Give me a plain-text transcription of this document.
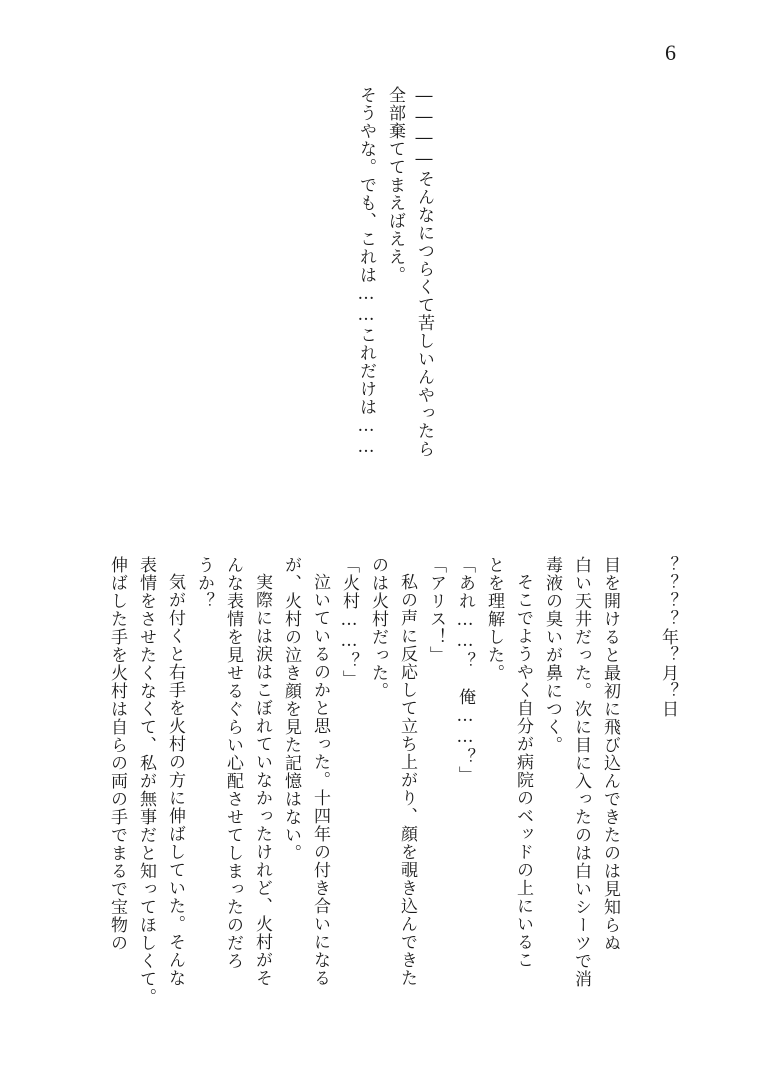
6

――――そんなにつらくて苦しいんやったら

全部棄ててまえばええ。

そうやな。でも、これは……これだけは……

？？？？年？月？日

目を開けると最初に飛び込んできたのは見知らぬ

白い天井だった。次に目に入ったのは白いシーツで消

毒液の臭いが鼻につく。

そこでようやく自分が病院のベッドの上にいるこ

とを理解した。

「あれ……？　俺……？」

「アリス！」

私の声に反応して立ち上がり、顔を覗き込んできた

のは火村だった。

「火村……？」

泣いているのかと思った。十四年の付き合いになる

が、火村の泣き顔を見た記憶はない。

実際には涙はこぼれていなかったけれど、火村がそ

んな表情を見せるぐらい心配させてしまったのだろ

うか？

気が付くと右手を火村の方に伸ばしていた。そんな

表情をさせたくなくて、私が無事だと知ってほしくて。

伸ばした手を火村は自らの両の手でまるで宝物の
